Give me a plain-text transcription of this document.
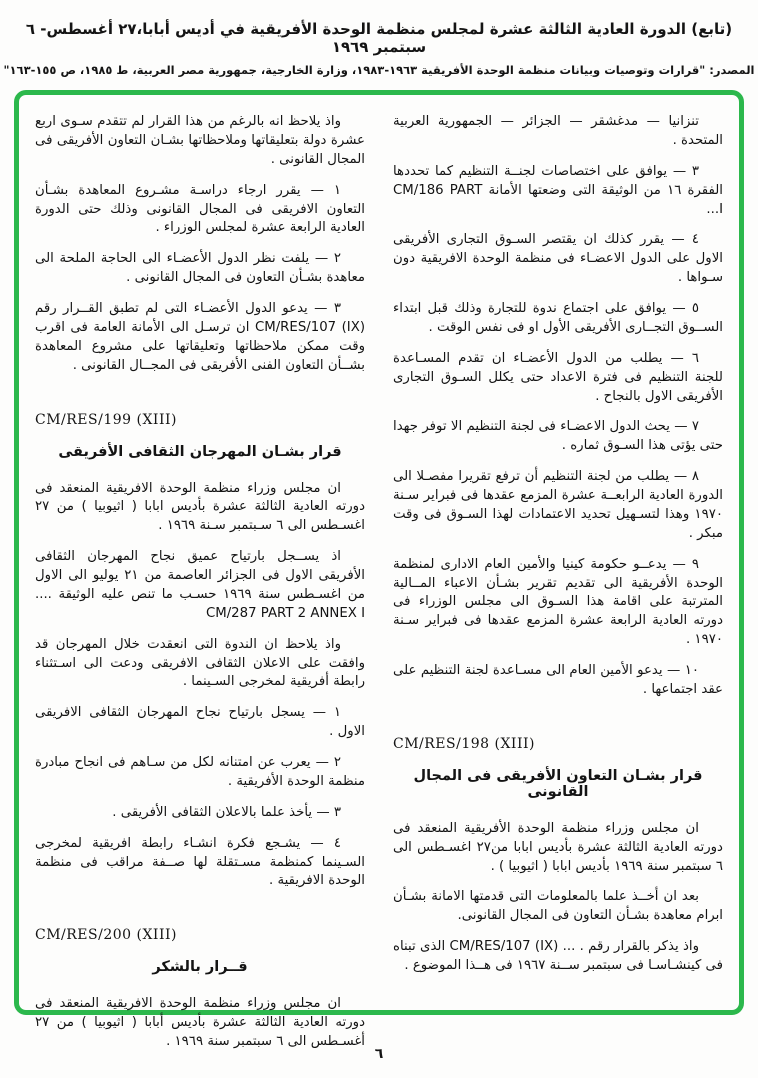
(تابع) الدورة العادية الثالثة عشرة لمجلس منظمة الوحدة الأفريقية في أديس أبابا،٢٧ أغسطس- ٦ سبتمبر ١٩٦٩
المصدر: "قرارات وتوصيات وبيانات منظمة الوحدة الأفريقية ١٩٦٣-١٩٨٣، وزارة الخارجية، جمهورية مصر العربية، ط ١٩٨٥، ص ١٥٥-١٦٣"

تنزانيا — مدغشقر — الجزائر — الجمهورية العربية المتحدة .

٣ — يوافق على اختصاصات لجنــة التنظيم كما تحددها الفقرة ١٦ من الوثيقة التى وضعتها الأمانة CM/186 PART I...

٤ — يقرر كذلك ان يقتصر السـوق التجارى الأفريقى الاول على الدول الاعضـاء فى منظمة الوحدة الافريقية دون سـواها .

٥ — يوافق على اجتماع ندوة للتجارة وذلك قبل ابتداء الســوق التجــارى الأفريقى الأول او فى نفس الوقت .

٦ — يطلب من الدول الأعضـاء ان تقدم المسـاعدة للجنة التنظيم فى فترة الاعداد حتى يكلل السـوق التجارى الأفريقى الاول بالنجاح .

٧ — يحث الدول الاعضـاء فى لجنة التنظيم الا توفر جهدا حتى يؤتى هذا السـوق ثماره .

٨ — يطلب من لجنة التنظيم أن ترفع تقريرا مفصـلا الى الدورة العادية الرابعــة عشرة المزمع عقدها فى فبراير سـنة ١٩٧٠ وهذا لتسـهيل تحديد الاعتمادات لهذا السـوق فى وقت مبكر .

٩ — يدعــو حكومة كينيا والأمين العام الادارى لمنظمة الوحدة الأفريقية الى تقديم تقرير بشـأن الاعباء المــالية المترتبة على اقامة هذا السـوق الى مجلس الوزراء فى دورته العادية الرابعة عشرة المزمع عقدها فى فبراير سـنة ١٩٧٠ .

١٠ — يدعو الأمين العام الى مسـاعدة لجنة التنظيم على عقد اجتماعها .

CM/RES/198 (XIII)

قرار بشـان التعاون الأفريقى فى المجال القانونى

ان مجلس وزراء منظمة الوحدة الأفريقية المنعقد فى دورته العادية الثالثة عشرة بأديس ابابا من٢٧ اغسـطس الى ٦ سبتمبر سنة ١٩٦٩ بأديس ابابا ( اثيوبيا ) .

بعد ان أخــذ علما بالمعلومات التى قدمتها الامانة بشـأن ابرام معاهدة بشـأن التعاون فى المجال القانونى.

واذ يذكر بالقرار رقم . ... CM/RES/107 (IX) الذى تبناه فى كينشـاسـا فى سبتمبر ســنة ١٩٦٧ فى هــذا الموضوع .

واذ يلاحظ انه بالرغم من هذا القرار لم تتقدم سـوى اربع عشرة دولة بتعليقاتها وملاحظاتها بشـان التعاون الأفريقى فى المجال القانونى .

١ — يقرر ارجاء دراسـة مشـروع المعاهدة بشـأن التعاون الافريقى فى المجال القانونى وذلك حتى الدورة العادية الرابعة عشرة لمجلس الوزراء .

٢ — يلفت نظر الدول الأعضـاء الى الحاجة الملحة الى معاهدة بشـأن التعاون فى المجال القانونى .

٣ — يدعو الدول الأعضـاء التى لم تطبق القــرار رقم CM/RES/107 (IX) ان ترسـل الى الأمانة العامة فى اقرب وقت ممكن ملاحظاتها وتعليقاتها على مشروع المعاهدة بشــأن التعاون الفنى الأفريقى فى المجــال القانونى .

CM/RES/199 (XIII)

قرار بشـان المهرجان الثقافى الأفريقى

ان مجلس وزراء منظمة الوحدة الافريقية المنعقد فى دورته العادية الثالثة عشرة بأديس ابابا ( اثيوبيا ) من ٢٧ اغسـطس الى ٦ سـبتمبر سـنة ١٩٦٩ .

اذ يســجل بارتياح عميق نجاح المهرجان الثقافى الأفريقى الاول فى الجزائر العاصمة من ٢١ يوليو الى الاول من اغسـطس سنة ١٩٦٩ حسـب ما تنص عليه الوثيقة .... CM/287 PART 2 ANNEX I

واذ يلاحظ ان الندوة التى انعقدت خلال المهرجان قد وافقت على الاعلان الثقافى الافريقى ودعت الى اسـتثناء رابطة أفريقية لمخرجى السـينما .

١ — يسجل بارتياح نجاح المهرجان الثقافى الافريقى الاول .

٢ — يعرب عن امتنانه لكل من سـاهم فى انجاح مبادرة منظمة الوحدة الأفريقية .

٣ — يأخذ علما بالاعلان الثقافى الأفريقى .

٤ — يشـجع فكرة انشـاء رابطة افريقية لمخرجى السـينما كمنظمة مسـتقلة لها صــفة مراقب فى منظمة الوحدة الافريقية .

CM/RES/200 (XIII)

قــرار بالشكر

ان مجلس وزراء منظمة الوحدة الافريقية المنعقد فى دورته العادية الثالثة عشرة بأديس أبابا ( اثيوبيا ) من ٢٧ أغسـطس الى ٦ سبتمبر سنة ١٩٦٩ .

٦
